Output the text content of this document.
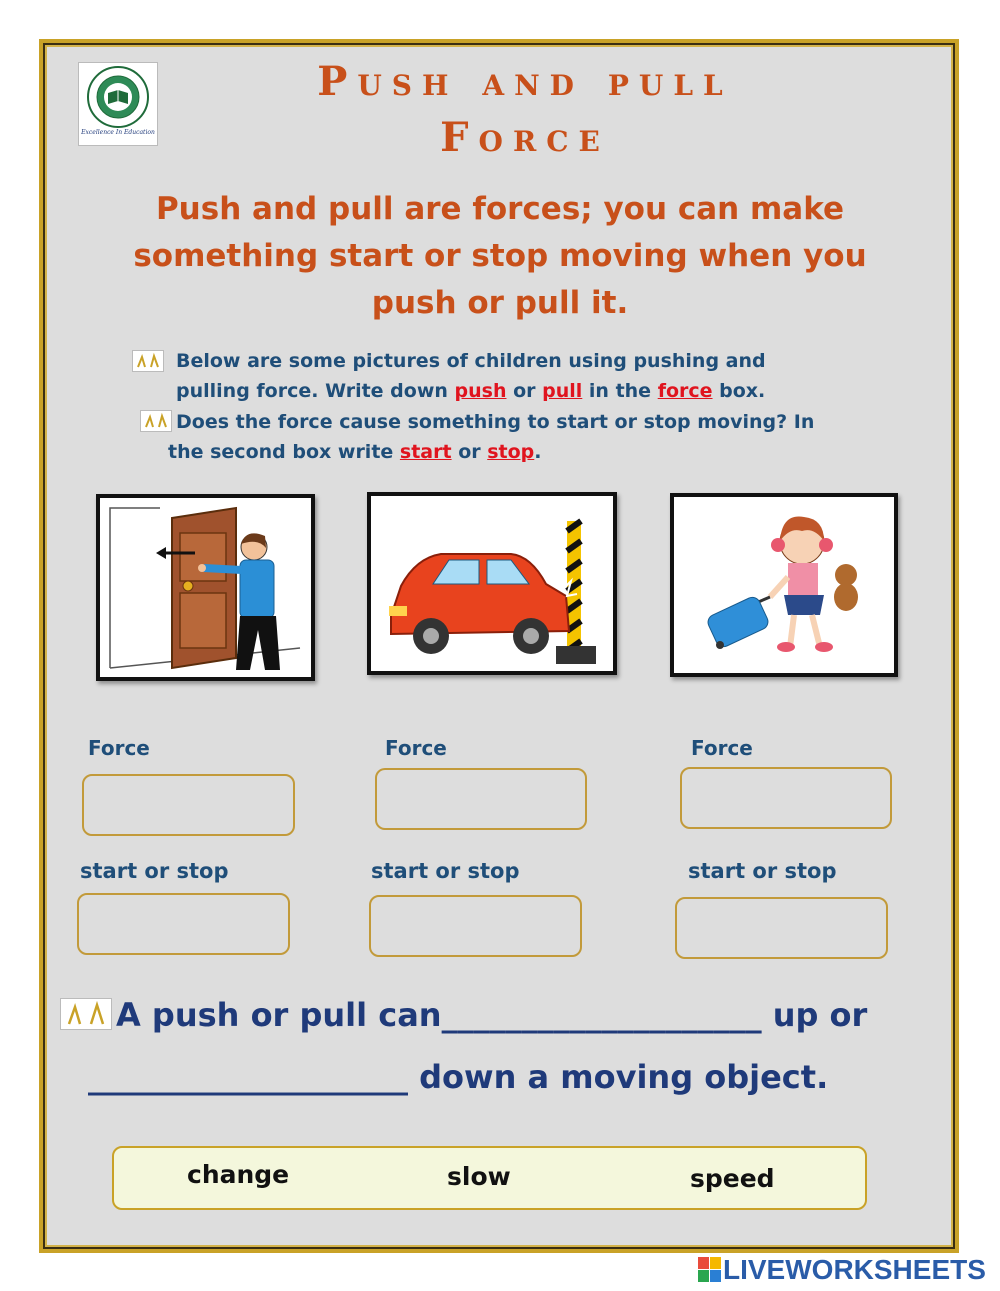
Excellence In Education
Push and pull
Force
Push and pull are forces; you can make
something start or stop moving when you
push or pull it.
Below are some pictures of children using pushing and
pulling force. Write down push or pull in the force box.
Does the force cause something to start or stop moving? In
the second box write start or stop.
Force	Force	Force
start or stop	start or stop	start or stop
A push or pull can____________________ up or
____________________ down a moving object.
change	slow	speed
LIVEWORKSHEETS
